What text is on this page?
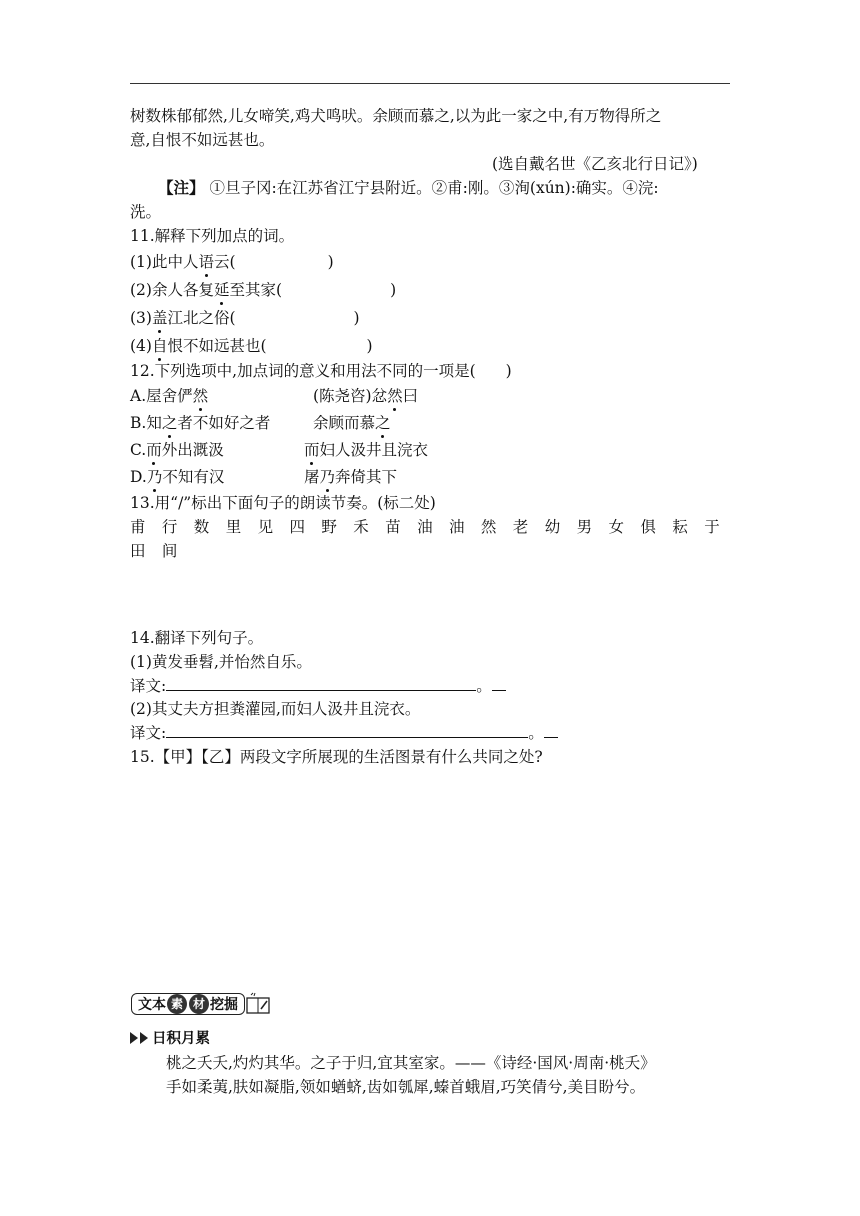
树数株郁郁然,儿女啼笑,鸡犬鸣吠。余顾而慕之,以为此一家之中,有万物得所之
意,自恨不如远甚也。
(选自戴名世《乙亥北行日记》)
【注】 ①旦子冈:在江苏省江宁县附近。②甫:刚。③洵(xún):确实。④浣:
洗。
11.解释下列加点的词。
(1)此中人语云(	)
(2)余人各复延至其家(	)
(3)盖江北之俗(	)
(4)自恨不如远甚也(	)
12.下列选项中,加点词的意义和用法不同的一项是( )
A.屋舍俨然	(陈尧咨)忿然曰
B.知之者不如好之者	余顾而慕之
C.而外出溉汲	而妇人汲井且浣衣
D.乃不知有汉	屠乃奔倚其下
13.用“/”标出下面句子的朗读节奏。(标二处)
甫行数里见四野禾苗油油然老幼男女俱耘于
田间
14.翻译下列句子。
(1)黄发垂髫,并怡然自乐。
译文:	。
(2)其丈夫方担粪灌园,而妇人汲井且浣衣。
译文:	。
15.【甲】【乙】两段文字所展现的生活图景有什么共同之处?
文本 素 材 挖掘
日积月累
桃之夭夭,灼灼其华。之子于归,宜其室家。——《诗经·国风·周南·桃夭》
手如柔荑,肤如凝脂,领如蝤蛴,齿如瓠犀,螓首蛾眉,巧笑倩兮,美目盼兮。
